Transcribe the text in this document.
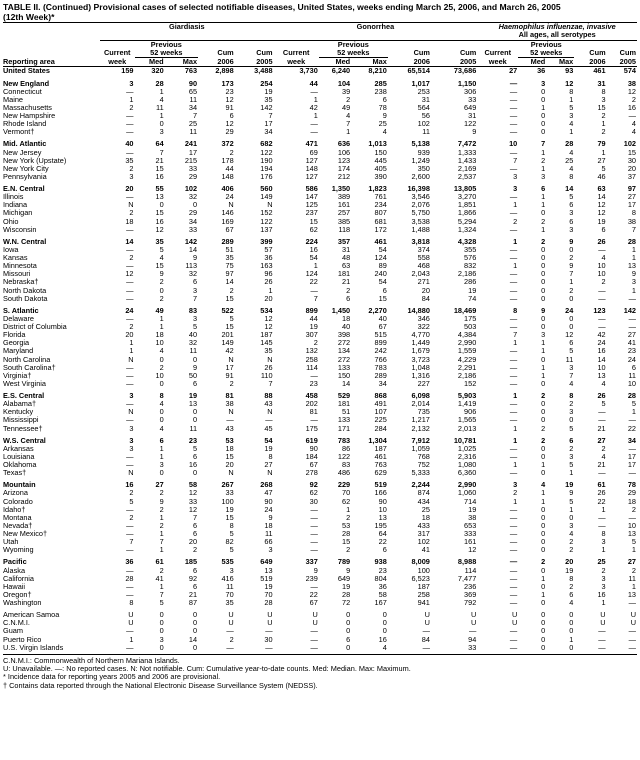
TABLE II. (Continued) Provisional cases of selected notifiable diseases, United States, weeks ending March 25, 2006, and March 26, 2005
(12th Week)*
	Giardiasis					Gonorrhea					Haemophilus influenzae, invasive				
											All ages, all serotypes				
		Previous					Previous					Previous			
	Current	52 weeks		Cum	Cum	Current	52 weeks		Cum	Cum	Current	52 weeks		Cum	Cum
Reporting area	week	Med	Max	2006	2005	week	Med	Max	2006	2005	week	Med	Max	2006	2005
United States	159	320	763	2,898	3,488	3,730	6,240	8,210	65,514	73,686	27	36	93	461	574

New England	3	28	90	173	254	44	104	285	1,017	1,150	—	3	12	31	38
Connecticut	—	1	65	23	19	—	39	238	253	306	—	0	8	8	12
Maine	1	4	11	12	35	1	2	6	31	33	—	0	1	3	2
Massachusetts	2	11	34	91	142	42	49	78	564	649	—	1	5	15	16
New Hampshire	—	1	7	6	7	1	4	9	56	31	—	0	3	2	—
Rhode Island	—	0	25	12	17	—	7	25	102	122	—	0	4	1	4
Vermont†	—	3	11	29	34	—	1	4	11	9	—	0	1	2	4

Mid. Atlantic	40	64	241	372	682	471	636	1,013	5,138	7,472	10	7	28	79	102
New Jersey	—	7	17	2	122	69	106	150	939	1,333	—	1	4	1	15
New York (Upstate)	35	21	215	178	190	127	123	445	1,249	1,433	7	2	25	27	30
New York City	2	15	33	44	194	148	174	405	350	2,169	—	1	4	5	20
Pennsylvania	3	16	29	148	176	127	212	390	2,600	2,537	3	3	8	46	37

E.N. Central	20	55	102	406	560	586	1,350	1,823	16,398	13,805	3	6	14	63	97
Illinois	—	13	32	24	149	147	389	761	3,546	3,270	—	1	5	14	27
Indiana	N	0	0	N	N	125	161	234	2,076	1,851	1	1	6	12	17
Michigan	2	15	29	146	152	237	257	807	5,750	1,866	—	0	3	12	8
Ohio	18	16	34	169	122	15	385	681	3,538	5,294	2	2	6	19	38
Wisconsin	—	12	33	67	137	62	118	172	1,488	1,324	—	1	3	6	7

W.N. Central	14	35	142	289	399	224	357	461	3,818	4,328	1	2	9	26	28
Iowa	—	5	14	51	57	16	31	54	374	355	—	0	0	—	1
Kansas	2	4	9	35	36	54	48	124	558	576	—	0	2	4	1
Minnesota	—	15	113	75	163	1	63	89	468	832	1	0	9	10	13
Missouri	12	9	32	97	96	124	181	240	2,043	2,186	—	0	7	10	9
Nebraska†	—	2	6	14	26	22	21	54	271	286	—	0	1	2	3
North Dakota	—	0	3	2	1	—	2	6	20	19	—	0	2	—	1
South Dakota	—	2	7	15	20	7	6	15	84	74	—	0	0	—	—

S. Atlantic	24	49	83	522	534	899	1,450	2,270	14,880	18,469	8	9	24	123	142
Delaware	—	1	3	5	12	44	18	40	346	175	—	0	0	—	—
District of Columbia	2	1	5	15	12	19	40	67	322	503	—	0	0	—	—
Florida	20	18	40	201	187	307	398	515	4,770	4,384	7	3	12	42	27
Georgia	1	10	32	149	145	2	272	899	1,449	2,990	1	1	6	24	41
Maryland	1	4	11	42	35	132	134	242	1,679	1,559	—	1	5	16	23
North Carolina	N	0	0	N	N	258	272	766	3,723	4,229	—	0	11	14	24
South Carolina†	—	2	9	17	26	114	133	783	1,048	2,291	—	1	3	10	6
Virginia†	—	10	50	91	110	—	150	289	1,316	2,186	—	1	7	13	11
West Virginia	—	0	6	2	7	23	14	34	227	152	—	0	4	4	10

E.S. Central	3	8	19	81	88	458	529	868	6,098	5,903	1	2	8	26	28
Alabama†	—	4	13	38	43	202	181	491	2,014	1,419	—	0	2	5	5
Kentucky	N	0	0	N	N	81	51	107	735	906	—	0	3	—	1
Mississippi	—	0	0	—	—	—	133	225	1,217	1,565	—	0	0	—	—
Tennessee†	3	4	11	43	45	175	171	284	2,132	2,013	1	2	5	21	22

W.S. Central	3	6	23	53	54	619	783	1,304	7,912	10,781	1	2	6	27	34
Arkansas	3	1	5	18	19	90	86	187	1,059	1,025	—	0	2	2	—
Louisiana	—	1	6	15	8	184	122	461	768	2,316	—	0	3	4	17
Oklahoma	—	3	16	20	27	67	83	763	752	1,080	1	1	5	21	17
Texas†	N	0	0	N	N	278	486	629	5,333	6,360	—	0	1	—	—

Mountain	16	27	58	267	268	92	229	519	2,244	2,990	3	4	19	61	78
Arizona	2	2	12	33	47	62	70	166	874	1,060	2	1	9	26	29
Colorado	5	9	33	100	90	30	62	90	434	714	1	1	5	22	18
Idaho†	—	2	12	19	24	—	1	10	25	19	—	0	1	1	2
Montana	2	1	7	15	9	—	2	13	18	38	—	0	0	—	—
Nevada†	—	2	6	8	18	—	53	195	433	653	—	0	3	—	10
New Mexico†	—	1	6	5	11	—	28	64	317	333	—	0	4	8	13
Utah	7	7	20	82	66	—	15	22	102	161	—	0	2	3	5
Wyoming	—	1	2	5	3	—	2	6	41	12	—	0	2	1	1

Pacific	36	61	185	535	649	337	789	938	8,009	8,988	—	2	20	25	27
Alaska	—	2	6	3	13	9	9	23	100	114	—	0	19	2	2
California	28	41	92	416	519	239	649	804	6,523	7,477	—	1	8	3	11
Hawaii	—	1	6	11	19	—	19	36	187	236	—	0	2	3	1
Oregon†	—	7	21	70	70	22	28	58	258	369	—	1	6	16	13
Washington	8	5	87	35	28	67	72	167	941	792	—	0	4	1	—

American Samoa	U	0	0	U	U	U	0	0	U	U	U	0	0	U	U
C.N.M.I.	U	0	0	U	U	U	0	0	U	U	U	0	0	U	U
Guam	—	0	0	—	—	—	0	0	—	—	—	0	0	—	—
Puerto Rico	1	3	14	2	30	—	6	16	84	94	—	0	1	—	—
U.S. Virgin Islands	—	0	0	—	—	—	0	4	—	33	—	0	0	—	—
C.N.M.I.: Commonwealth of Northern Mariana Islands.
U: Unavailable. —: No reported cases. N: Not notifiable. Cum: Cumulative year-to-date counts. Med: Median. Max: Maximum.
* Incidence data for reporting years 2005 and 2006 are provisional.
† Contains data reported through the National Electronic Disease Surveillance System (NEDSS).
